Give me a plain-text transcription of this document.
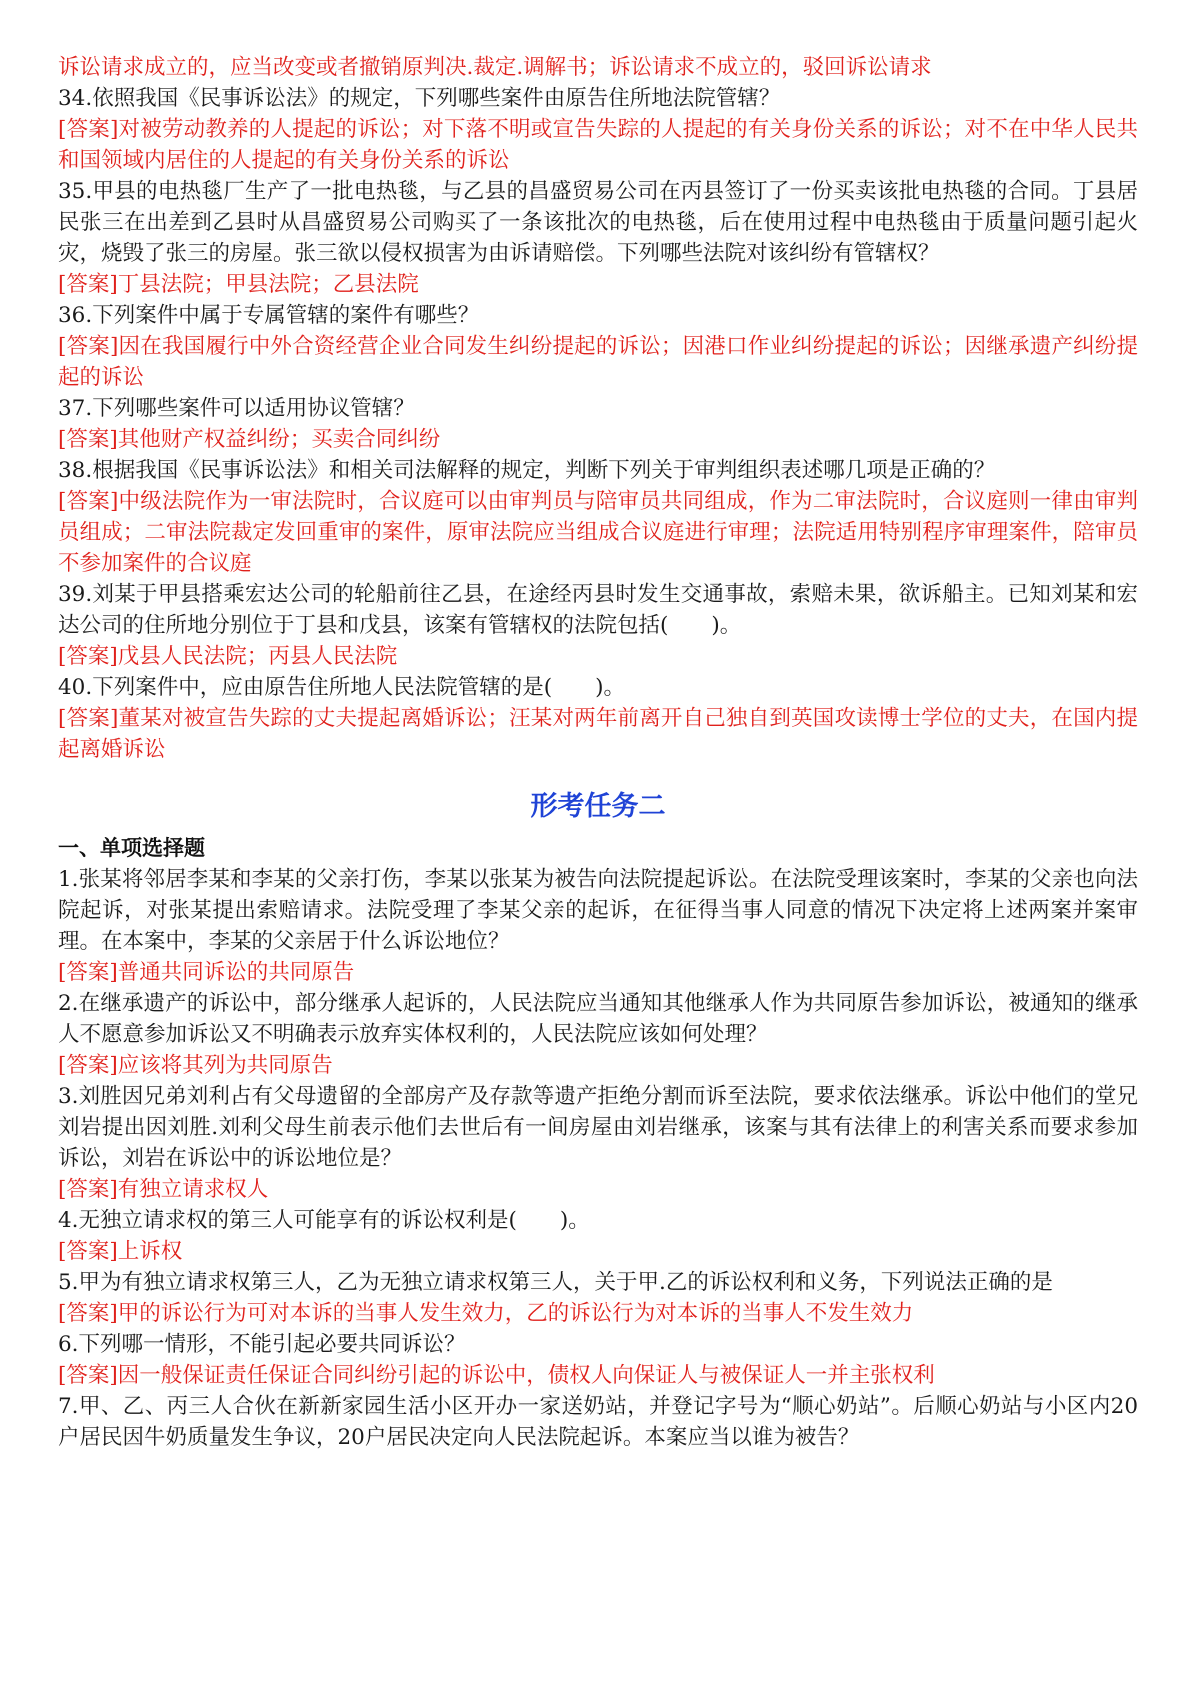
诉讼请求成立的，应当改变或者撤销原判决.裁定.调解书；诉讼请求不成立的，驳回诉讼请求
34.依照我国《民事诉讼法》的规定，下列哪些案件由原告住所地法院管辖？
[答案]对被劳动教养的人提起的诉讼；对下落不明或宣告失踪的人提起的有关身份关系的诉讼；对不在中华人民共和国领域内居住的人提起的有关身份关系的诉讼
35.甲县的电热毯厂生产了一批电热毯，与乙县的昌盛贸易公司在丙县签订了一份买卖该批电热毯的合同。丁县居民张三在出差到乙县时从昌盛贸易公司购买了一条该批次的电热毯，后在使用过程中电热毯由于质量问题引起火灾，烧毁了张三的房屋。张三欲以侵权损害为由诉请赔偿。下列哪些法院对该纠纷有管辖权？
[答案]丁县法院；甲县法院；乙县法院
36.下列案件中属于专属管辖的案件有哪些？
[答案]因在我国履行中外合资经营企业合同发生纠纷提起的诉讼；因港口作业纠纷提起的诉讼；因继承遗产纠纷提起的诉讼
37.下列哪些案件可以适用协议管辖？
[答案]其他财产权益纠纷；买卖合同纠纷
38.根据我国《民事诉讼法》和相关司法解释的规定，判断下列关于审判组织表述哪几项是正确的？
[答案]中级法院作为一审法院时，合议庭可以由审判员与陪审员共同组成，作为二审法院时，合议庭则一律由审判员组成；二审法院裁定发回重审的案件，原审法院应当组成合议庭进行审理；法院适用特别程序审理案件，陪审员不参加案件的合议庭
39.刘某于甲县搭乘宏达公司的轮船前往乙县，在途经丙县时发生交通事故，索赔未果，欲诉船主。已知刘某和宏达公司的住所地分别位于丁县和戊县，该案有管辖权的法院包括(　　)。
[答案]戊县人民法院；丙县人民法院
40.下列案件中，应由原告住所地人民法院管辖的是(　　)。
[答案]董某对被宣告失踪的丈夫提起离婚诉讼；汪某对两年前离开自己独自到英国攻读博士学位的丈夫，在国内提起离婚诉讼
形考任务二
一、单项选择题
1.张某将邻居李某和李某的父亲打伤，李某以张某为被告向法院提起诉讼。在法院受理该案时，李某的父亲也向法院起诉，对张某提出索赔请求。法院受理了李某父亲的起诉，在征得当事人同意的情况下决定将上述两案并案审理。在本案中，李某的父亲居于什么诉讼地位？
[答案]普通共同诉讼的共同原告
2.在继承遗产的诉讼中，部分继承人起诉的，人民法院应当通知其他继承人作为共同原告参加诉讼，被通知的继承人不愿意参加诉讼又不明确表示放弃实体权利的，人民法院应该如何处理？
[答案]应该将其列为共同原告
3.刘胜因兄弟刘利占有父母遗留的全部房产及存款等遗产拒绝分割而诉至法院，要求依法继承。诉讼中他们的堂兄刘岩提出因刘胜.刘利父母生前表示他们去世后有一间房屋由刘岩继承，该案与其有法律上的利害关系而要求参加诉讼，刘岩在诉讼中的诉讼地位是？
[答案]有独立请求权人
4.无独立请求权的第三人可能享有的诉讼权利是(　　)。
[答案]上诉权
5.甲为有独立请求权第三人，乙为无独立请求权第三人，关于甲.乙的诉讼权利和义务，下列说法正确的是
[答案]甲的诉讼行为可对本诉的当事人发生效力，乙的诉讼行为对本诉的当事人不发生效力
6.下列哪一情形，不能引起必要共同诉讼？
[答案]因一般保证责任保证合同纠纷引起的诉讼中，债权人向保证人与被保证人一并主张权利
7.甲、乙、丙三人合伙在新新家园生活小区开办一家送奶站，并登记字号为“顺心奶站”。后顺心奶站与小区内20户居民因牛奶质量发生争议，20户居民决定向人民法院起诉。本案应当以谁为被告？
